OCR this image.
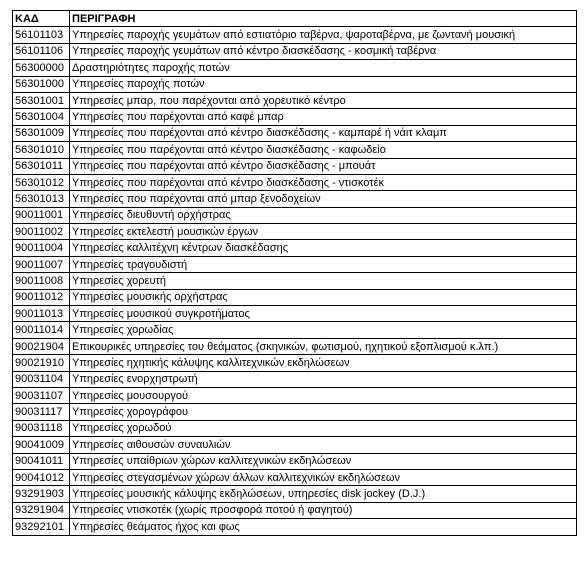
ΚΑΔ	ΠΕΡΙΓΡΑΦΗ
56101103	Υπηρεσίες παροχής γευμάτων από εστιατόριο ταβέρνα, ψαροταβέρνα, με ζωντανή μουσική
56101106	Υπηρεσίες παροχής γευμάτων από κέντρο διασκέδασης - κοσμική ταβέρνα
56300000	Δραστηριότητες παροχής ποτών
56301000	Υπηρεσίες παροχής ποτών
56301001	Υπηρεσίες μπαρ, που παρέχονται από χορευτικό κέντρο
56301004	Υπηρεσίες που παρέχονται από καφέ μπαρ
56301009	Υπηρεσίες που παρέχονται από κέντρο διασκέδασης - καμπαρέ ή νάιτ κλαμπ
56301010	Υπηρεσίες που παρέχονται από κέντρο διασκέδασης - καφωδείο
56301011	Υπηρεσίες που παρέχονται από κέντρο διασκέδασης - μπουάτ
56301012	Υπηρεσίες που παρέχονται από κέντρο διασκέδασης - ντισκοτέκ
56301013	Υπηρεσίες που παρέχονται από μπαρ ξενοδοχείων
90011001	Υπηρεσίες διευθυντή ορχήστρας
90011002	Υπηρεσίες εκτελεστή μουσικών έργων
90011004	Υπηρεσίες καλλιτέχνη κέντρων διασκέδασης
90011007	Υπηρεσίες τραγουδιστή
90011008	Υπηρεσίες χορευτή
90011012	Υπηρεσίες μουσικής ορχήστρας
90011013	Υπηρεσίες μουσικού συγκροτήματος
90011014	Υπηρεσίες χορωδίας
90021904	Επικουρικές υπηρεσίες του θεάματος (σκηνικών, φωτισμού, ηχητικού εξοπλισμού κ.λπ.)
90021910	Υπηρεσίες ηχητικής κάλυψης καλλιτεχνικών εκδηλώσεων
90031104	Υπηρεσίες ενορχηστρωτή
90031107	Υπηρεσίες μουσουργού
90031117	Υπηρεσίες χορογράφου
90031118	Υπηρεσίες χορωδού
90041009	Υπηρεσίες αιθουσών συναυλιών
90041011	Υπηρεσίες υπαίθριων χώρων καλλιτεχνικών εκδηλώσεων
90041012	Υπηρεσίες στεγασμένων χώρων άλλων καλλιτεχνικών εκδηλώσεων
93291903	Υπηρεσίες μουσικής κάλυψης εκδηλώσεων, υπηρεσίες disk jockey (D.J.)
93291904	Υπηρεσίες ντισκοτέκ (χωρίς προσφορά ποτού ή φαγητού)
93292101	Υπηρεσίες θεάματος ήχος και φως
